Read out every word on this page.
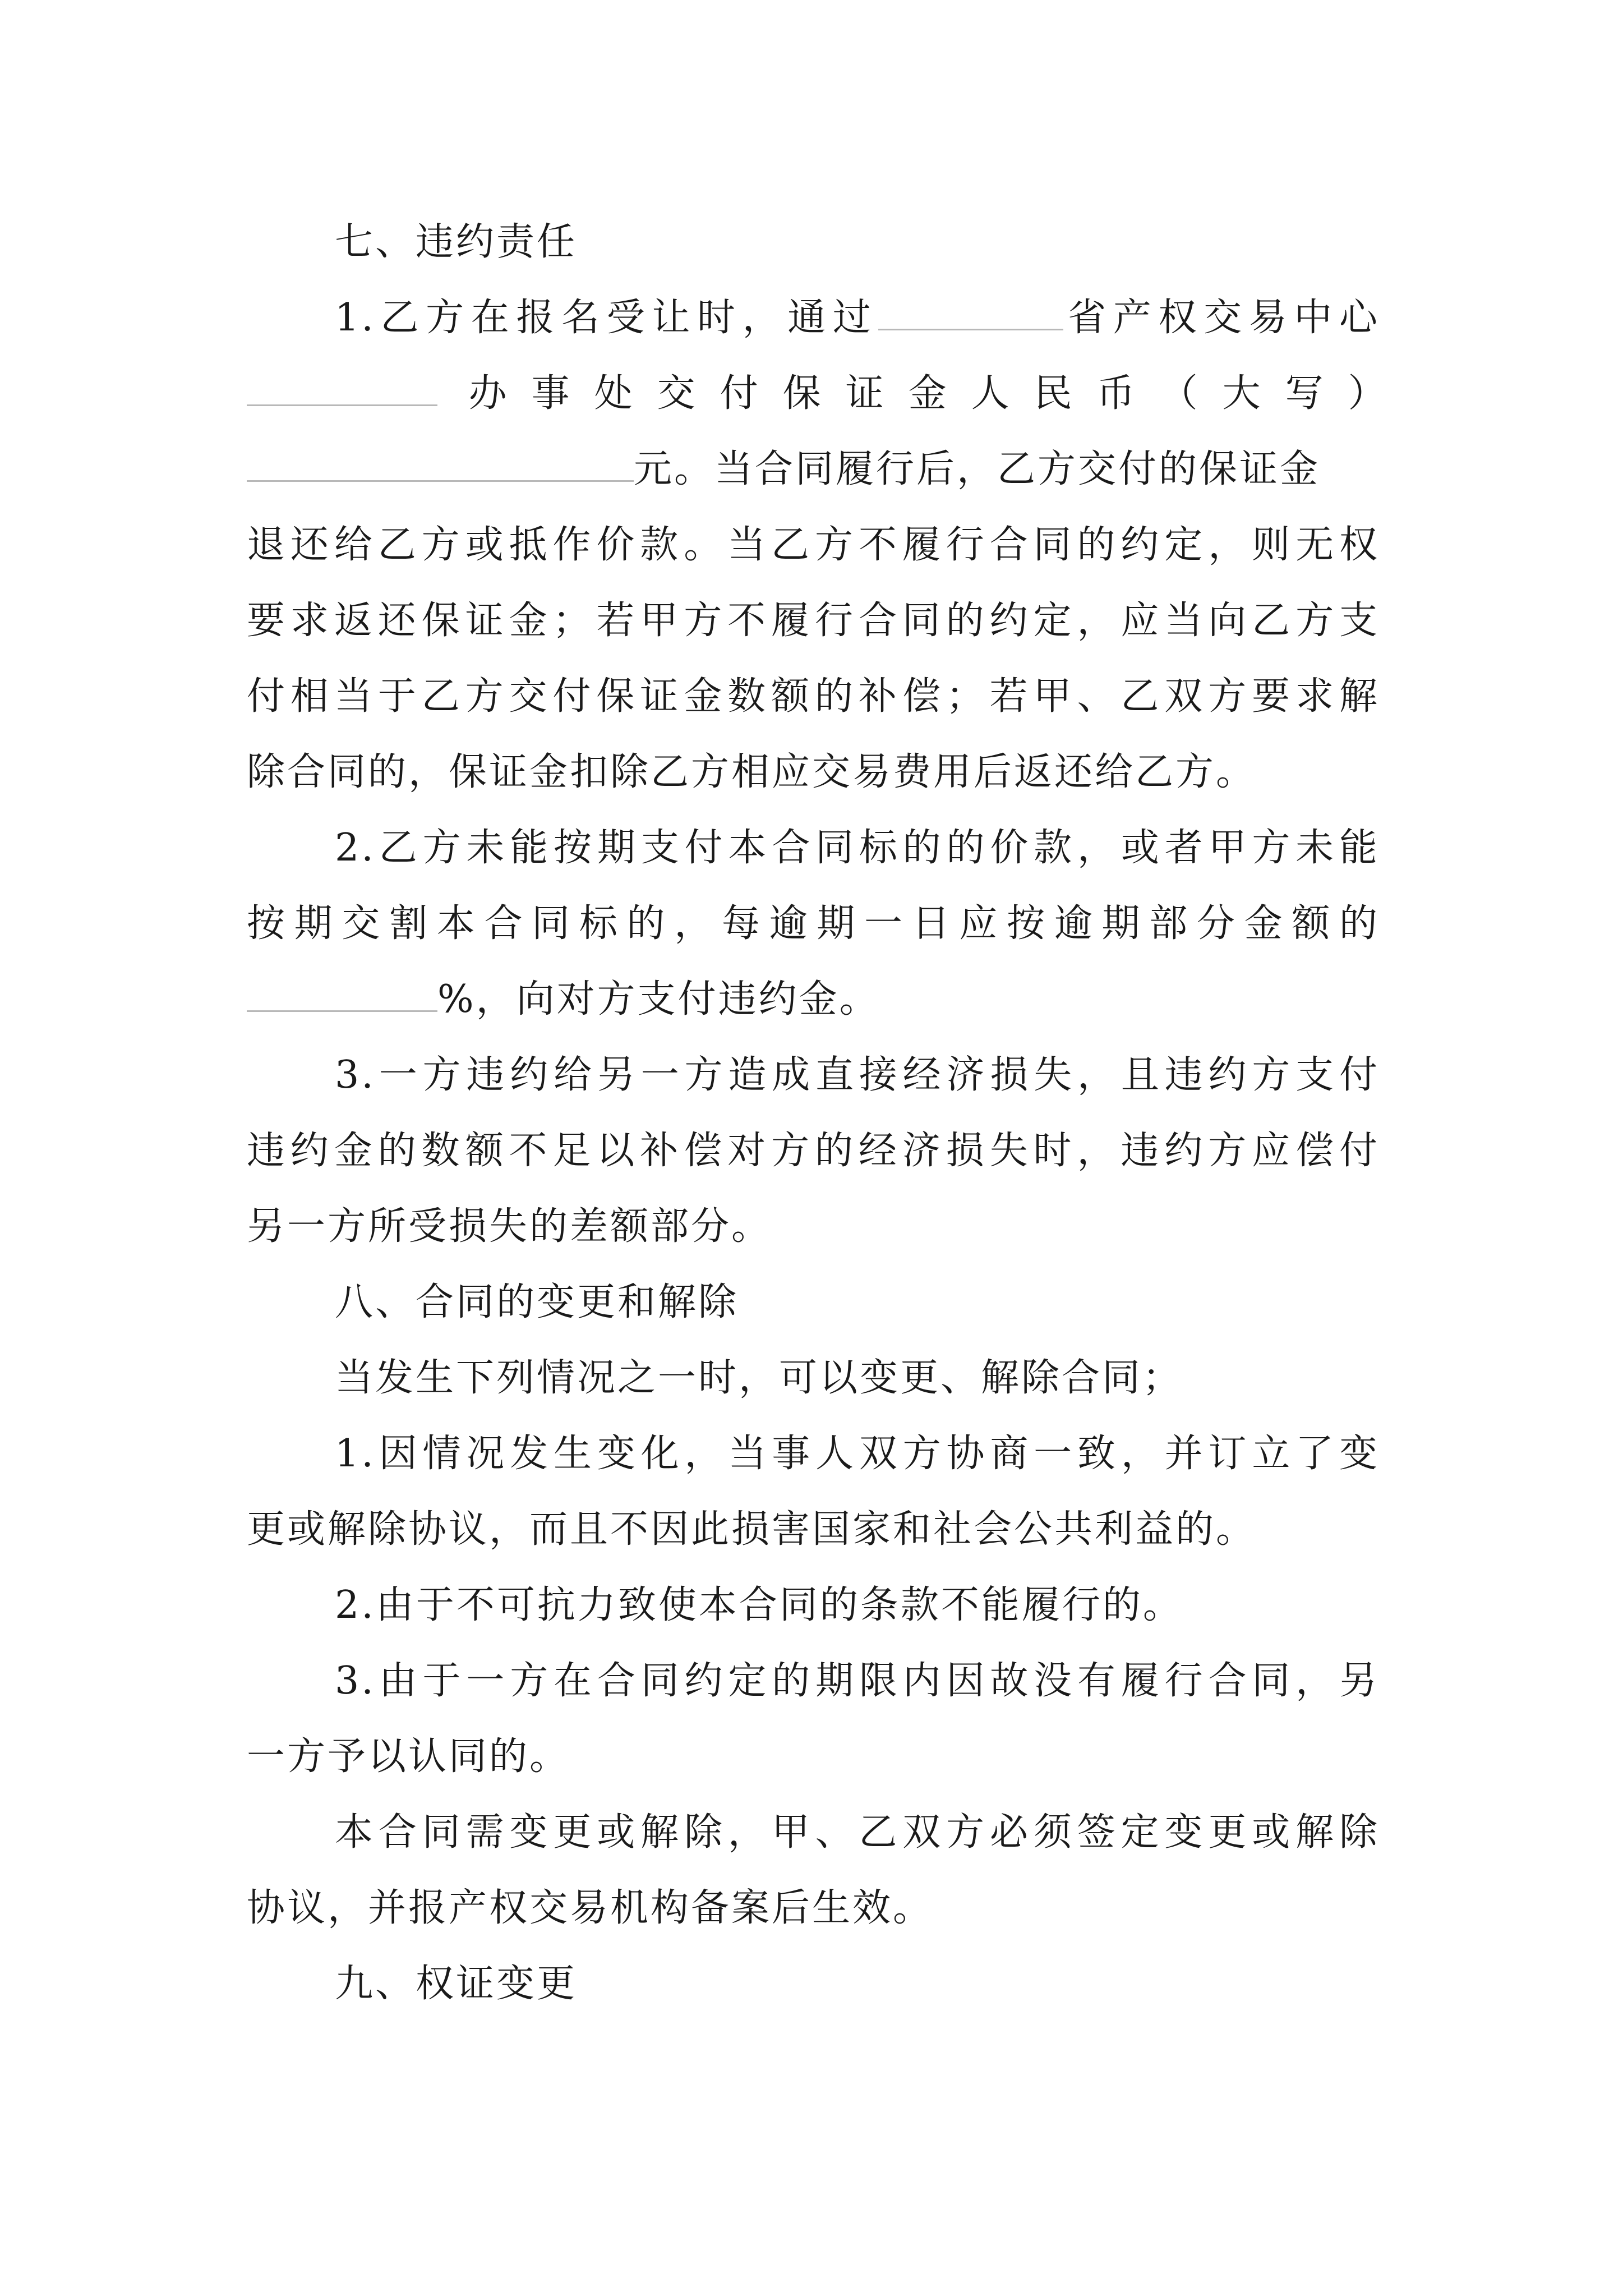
七、违约责任
1.乙方在报名受让时，通过	省产权交易中心
办 事 处 交 付 保 证 金 人 民 币 （ 大 写 ）
元。当合同履行后，乙方交付的保证金
退还给乙方或抵作价款。当乙方不履行合同的约定，则无权
要求返还保证金；若甲方不履行合同的约定，应当向乙方支
付相当于乙方交付保证金数额的补偿；若甲、乙双方要求解
除合同的，保证金扣除乙方相应交易费用后返还给乙方。
2.乙方未能按期支付本合同标的的价款，或者甲方未能
按期交割本合同标的，每逾期一日应按逾期部分金额的
%，向对方支付违约金。
3.一方违约给另一方造成直接经济损失，且违约方支付
违约金的数额不足以补偿对方的经济损失时，违约方应偿付
另一方所受损失的差额部分。
八、合同的变更和解除
当发生下列情况之一时，可以变更、解除合同；
1.因情况发生变化，当事人双方协商一致，并订立了变
更或解除协议，而且不因此损害国家和社会公共利益的。
2.由于不可抗力致使本合同的条款不能履行的。
3.由于一方在合同约定的期限内因故没有履行合同，另
一方予以认同的。
本合同需变更或解除，甲、乙双方必须签定变更或解除
协议，并报产权交易机构备案后生效。
九、权证变更
